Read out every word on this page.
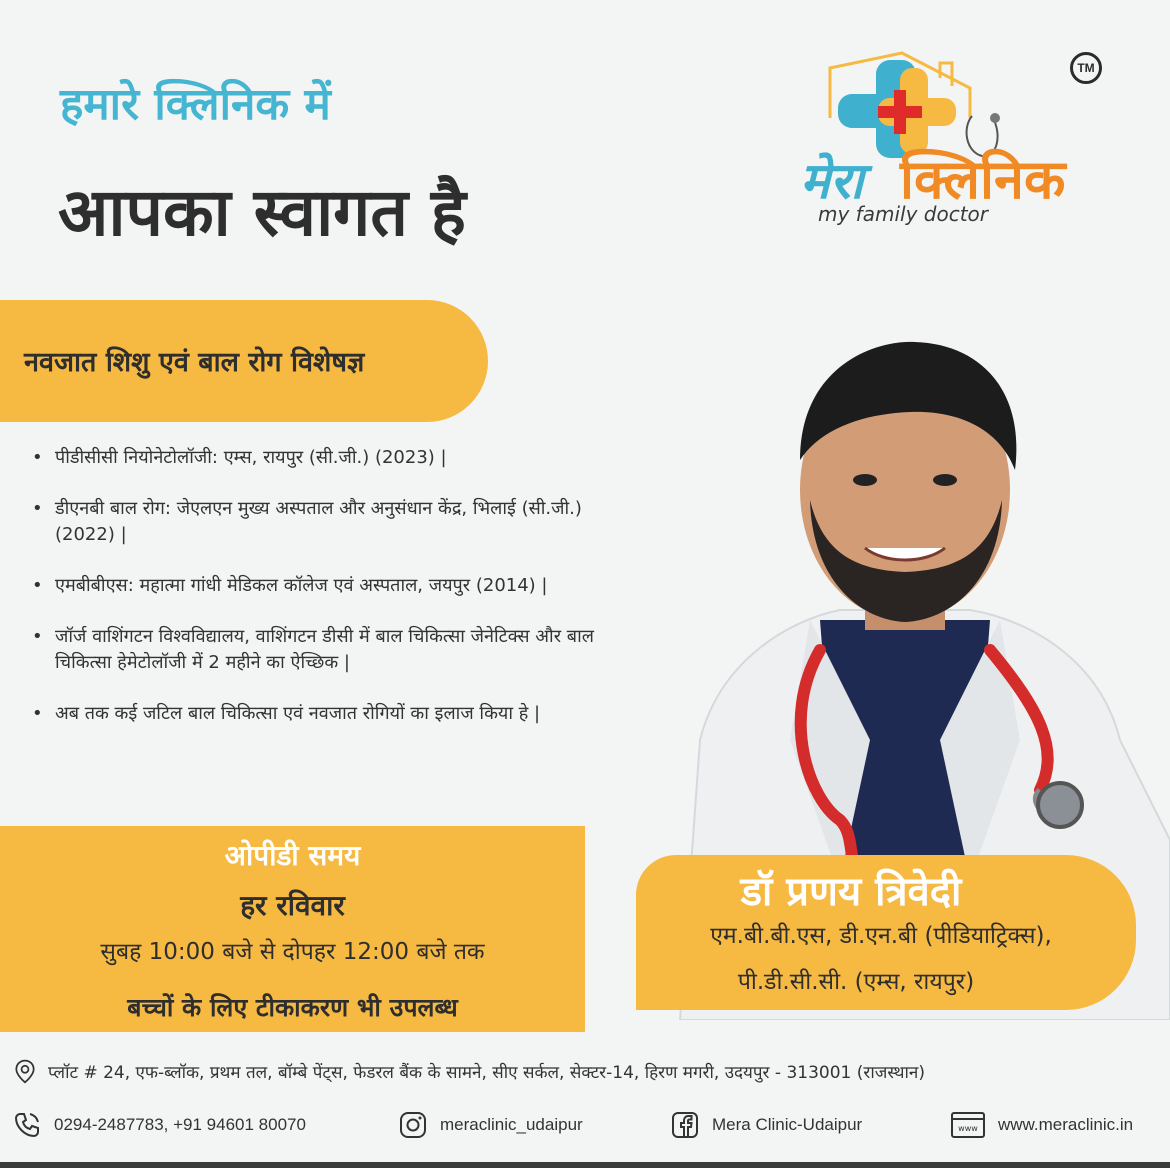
हमारे क्लिनिक में
आपका स्वागत है
TM
मेरा क्लिनिक
my family doctor
नवजात शिशु एवं बाल रोग विशेषज्ञ
• पीडीसीसी नियोनेटोलॉजी: एम्स, रायपुर (सी.जी.) (2023) |
• डीएनबी बाल रोग: जेएलएन मुख्य अस्पताल और अनुसंधान केंद्र, भिलाई (सी.जी.) (2022) |
• एमबीबीएस: महात्मा गांधी मेडिकल कॉलेज एवं अस्पताल, जयपुर (2014) |
• जॉर्ज वाशिंगटन विश्वविद्यालय, वाशिंगटन डीसी में बाल चिकित्सा जेनेटिक्स और बाल चिकित्सा हेमेटोलॉजी में 2 महीने का ऐच्छिक |
• अब तक कई जटिल बाल चिकित्सा एवं नवजात रोगियों का इलाज किया हे |
ओपीडी समय
हर रविवार
सुबह 10:00 बजे से दोपहर 12:00 बजे तक
बच्चों के लिए टीकाकरण भी उपलब्ध
डॉ प्रणय त्रिवेदी
एम.बी.बी.एस, डी.एन.बी (पीडियाट्रिक्स),
पी.डी.सी.सी. (एम्स, रायपुर)
प्लॉट # 24, एफ-ब्लॉक, प्रथम तल, बॉम्बे पेंट्स, फेडरल बैंक के सामने, सीए सर्कल, सेक्टर-14, हिरण मगरी, उदयपुर - 313001 (राजस्थान)
0294-2487783, +91 94601 80070	meraclinic_udaipur	Mera Clinic-Udaipur	www www.meraclinic.in
